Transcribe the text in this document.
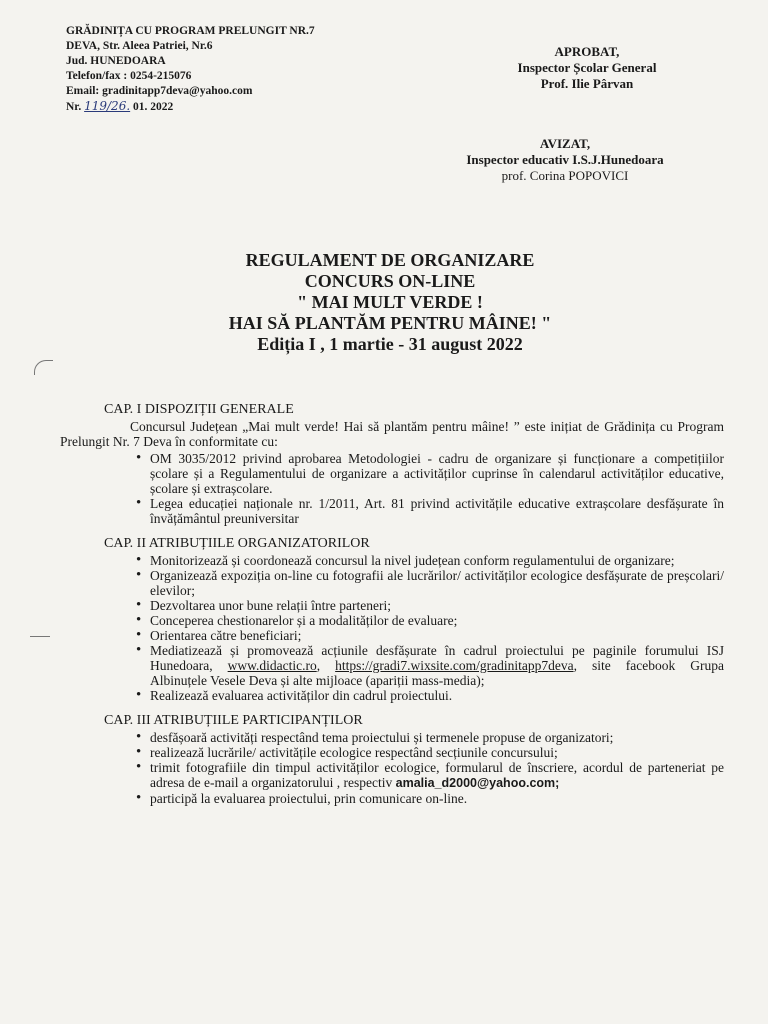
GRĂDINIȚA CU PROGRAM PRELUNGIT NR.7
DEVA, Str. Aleea Patriei, Nr.6
Jud. HUNEDOARA
Telefon/fax : 0254-215076
Email: gradinitapp7deva@yahoo.com
Nr. 119/26. 01. 2022
APROBAT,
Inspector Școlar General
Prof. Ilie Pârvan
AVIZAT,
Inspector educativ I.S.J.Hunedoara
prof. Corina POPOVICI
REGULAMENT DE ORGANIZARE
CONCURS ON-LINE
" MAI MULT VERDE !
HAI SĂ PLANTĂM PENTRU MÂINE! "
Ediția I , 1 martie - 31 august 2022
CAP. I DISPOZIȚII GENERALE

Concursul Județean „Mai mult verde! Hai să plantăm pentru mâine! ” este inițiat de Grădinița cu Program Prelungit Nr. 7 Deva în conformitate cu:

• OM 3035/2012 privind aprobarea Metodologiei - cadru de organizare și funcționare a competițiilor școlare și a Regulamentului de organizare a activităților cuprinse în calendarul activităților educative, școlare și extrașcolare.
• Legea educației naționale nr. 1/2011, Art. 81 privind activitățile educative extrașcolare desfășurate în învățământul preuniversitar
CAP. II ATRIBUȚIILE ORGANIZATORILOR
• Monitorizează și coordonează concursul la nivel județean conform regulamentului de organizare;
• Organizează expoziția on-line cu fotografii ale lucrărilor/ activităților ecologice desfășurate de preșcolari/ elevilor;
• Dezvoltarea unor bune relații între parteneri;
• Conceperea chestionarelor și a modalităților de evaluare;
• Orientarea către beneficiari;
• Mediatizează și promovează acțiunile desfășurate în cadrul proiectului pe paginile forumului ISJ Hunedoara, www.didactic.ro, https://gradi7.wixsite.com/gradinitapp7deva, site facebook Grupa Albinuțele Vesele Deva și alte mijloace (apariții mass-media);
• Realizează evaluarea activităților din cadrul proiectului.
CAP. III ATRIBUȚIILE PARTICIPANȚILOR
• desfășoară activități respectând tema proiectului și termenele propuse de organizatori;
• realizează lucrările/ activitățile ecologice respectând secțiunile concursului;
• trimit fotografiile din timpul activităților ecologice, formularul de înscriere, acordul de parteneriat pe adresa de e-mail a organizatorului , respectiv amalia_d2000@yahoo.com;
• participă la evaluarea proiectului, prin comunicare on-line.
